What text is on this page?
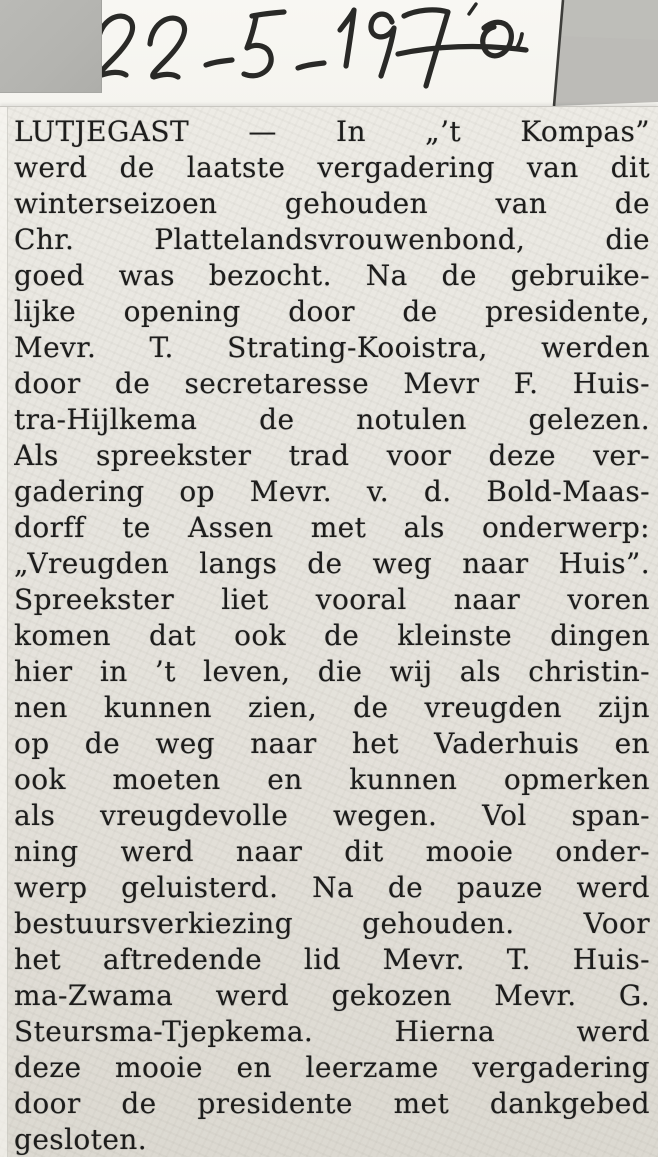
LUTJEGAST — In „’t Kompas”
werd de laatste vergadering van dit
winterseizoen gehouden van de
Chr. Plattelandsvrouwenbond, die
goed was bezocht. Na de gebruike-
lijke opening door de presidente,
Mevr. T. Strating-Kooistra, werden
door de secretaresse Mevr F. Huis-
tra-Hijlkema de notulen gelezen.
Als spreekster trad voor deze ver-
gadering op Mevr. v. d. Bold-Maas-
dorff te Assen met als onderwerp:
„Vreugden langs de weg naar Huis”.
Spreekster liet vooral naar voren
komen dat ook de kleinste dingen
hier in ’t leven, die wij als christin-
nen kunnen zien, de vreugden zijn
op de weg naar het Vaderhuis en
ook moeten en kunnen opmerken
als vreugdevolle wegen. Vol span-
ning werd naar dit mooie onder-
werp geluisterd. Na de pauze werd
bestuursverkiezing gehouden. Voor
het aftredende lid Mevr. T. Huis-
ma-Zwama werd gekozen Mevr. G.
Steursma-Tjepkema. Hierna werd
deze mooie en leerzame vergadering
door de presidente met dankgebed
gesloten.
